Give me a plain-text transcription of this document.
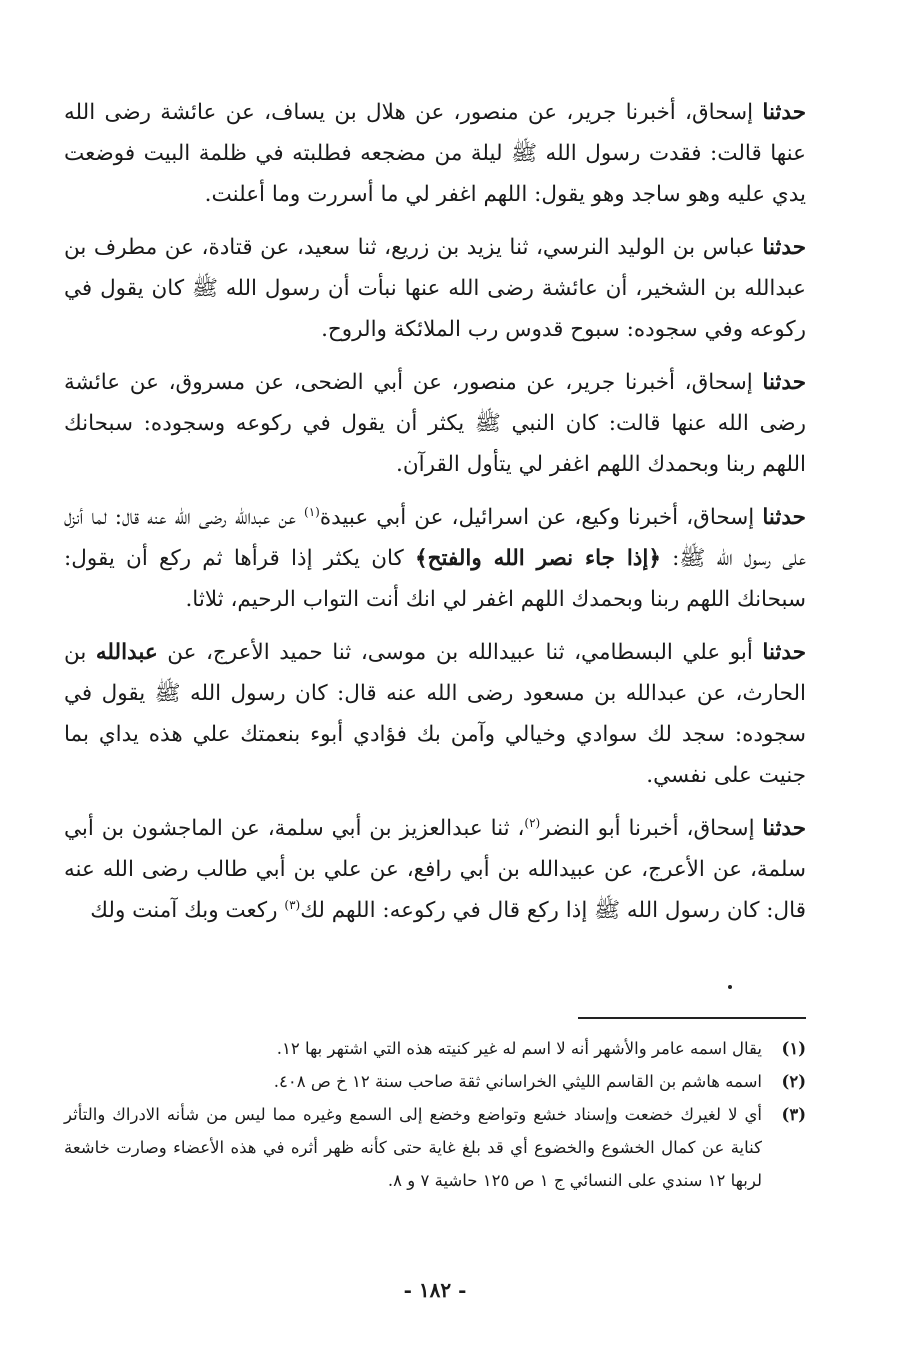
حدثنا إسحاق، أخبرنا جرير، عن منصور، عن هلال بن يساف، عن عائشة رضى الله عنها قالت: فقدت رسول الله ﷺ ليلة من مضجعه فطلبته في ظلمة البيت فوضعت يدي عليه وهو ساجد وهو يقول: اللهم اغفر لي ما أسررت وما أعلنت.

حدثنا عباس بن الوليد النرسي، ثنا يزيد بن زريع، ثنا سعيد، عن قتادة، عن مطرف بن عبدالله بن الشخير، أن عائشة رضى الله عنها نبأت أن رسول الله ﷺ كان يقول في ركوعه وفي سجوده: سبوح قدوس رب الملائكة والروح.

حدثنا إسحاق، أخبرنا جرير، عن منصور، عن أبي الضحى، عن مسروق، عن عائشة رضى الله عنها قالت: كان النبي ﷺ يكثر أن يقول في ركوعه وسجوده: سبحانك اللهم ربنا وبحمدك اللهم اغفر لي يتأول القرآن.

حدثنا إسحاق، أخبرنا وكيع، عن اسرائيل، عن أبي عبيدة$^{(١)}$ عن عبدالله رضى الله عنه قال: لما أنزل على رسول الله ﷺ: ﴿إذا جاء نصر الله والفتح﴾ كان يكثر إذا قرأها ثم ركع أن يقول: سبحانك اللهم ربنا وبحمدك اللهم اغفر لي انك أنت التواب الرحيم، ثلاثا.

حدثنا أبو علي البسطامي، ثنا عبيدالله بن موسى، ثنا حميد الأعرج، عن عبدالله بن الحارث، عن عبدالله بن مسعود رضى الله عنه قال: كان رسول الله ﷺ يقول في سجوده: سجد لك سوادي وخيالي وآمن بك فؤادي أبوء بنعمتك علي هذه يداي بما جنيت على نفسي.

حدثنا إسحاق، أخبرنا أبو النضر$^{(٢)}$، ثنا عبدالعزيز بن أبي سلمة، عن الماجشون بن أبي سلمة، عن الأعرج، عن عبيدالله بن أبي رافع، عن علي بن أبي طالب رضى الله عنه قال: كان رسول الله ﷺ إذا ركع قال في ركوعه: اللهم لك$^{(٣)}$ ركعت وبك آمنت ولك

(١)
يقال اسمه عامر والأشهر أنه لا اسم له غير كنيته هذه التي اشتهر بها ١٢.

(٢)
اسمه هاشم بن القاسم الليثي الخراساني ثقة صاحب سنة ١٢ خ ص ٤٠٨.

(٣)
أي لا لغيرك خضعت وإسناد خشع وتواضع وخضع إلى السمع وغيره مما ليس من شأنه الادراك والتأثر كناية عن كمال الخشوع والخضوع أي قد بلغ غاية حتى كأنه ظهر أثره في هذه الأعضاء وصارت خاشعة لربها ١٢ سندي على النسائي ج ١ ص ١٢٥ حاشية ٧ و ٨.

- ١٨٢ -
